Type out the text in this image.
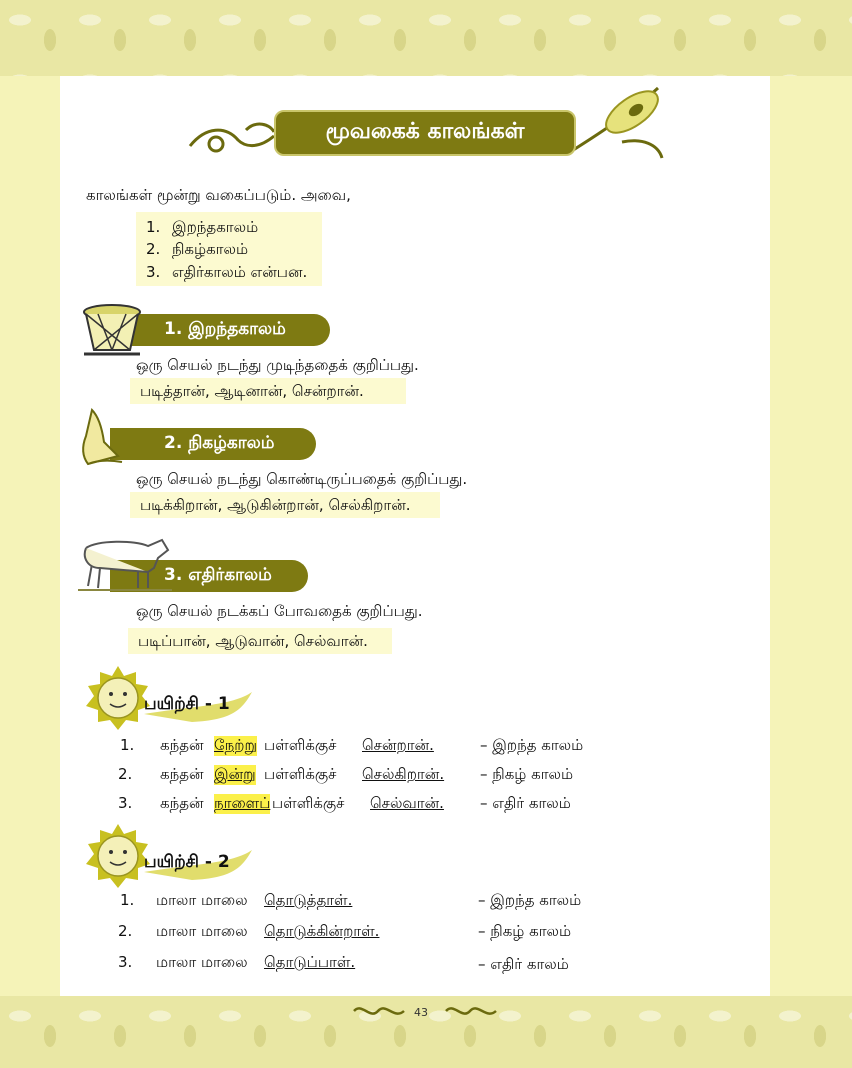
மூவகைக் காலங்கள்
காலங்கள் மூன்று வகைப்படும். அவை,
1. இறந்தகாலம்
2. நிகழ்காலம்
3. எதிர்காலம் என்பன.
1. இறந்தகாலம்
ஒரு செயல் நடந்து முடிந்ததைக் குறிப்பது.
படித்தான், ஆடினான், சென்றான்.
2. நிகழ்காலம்
ஒரு செயல் நடந்து கொண்டிருப்பதைக் குறிப்பது.
படிக்கிறான், ஆடுகின்றான், செல்கிறான்.
3. எதிர்காலம்
ஒரு செயல் நடக்கப் போவதைக் குறிப்பது.
படிப்பான், ஆடுவான், செல்வான்.
பயிற்சி - 1
1. கந்தன் நேற்று பள்ளிக்குச் சென்றான்.	– இறந்த காலம்
2. கந்தன் இன்று பள்ளிக்குச் செல்கிறான். – நிகழ் காலம்
3. கந்தன் நாளைப் பள்ளிக்குச் செல்வான். – எதிர் காலம்
பயிற்சி - 2
1. மாலா மாலை தொடுத்தாள்.	– இறந்த காலம்
2. மாலா மாலை தொடுக்கின்றாள்.	– நிகழ் காலம்
3. மாலா மாலை தொடுப்பாள்.	– எதிர் காலம்
43
